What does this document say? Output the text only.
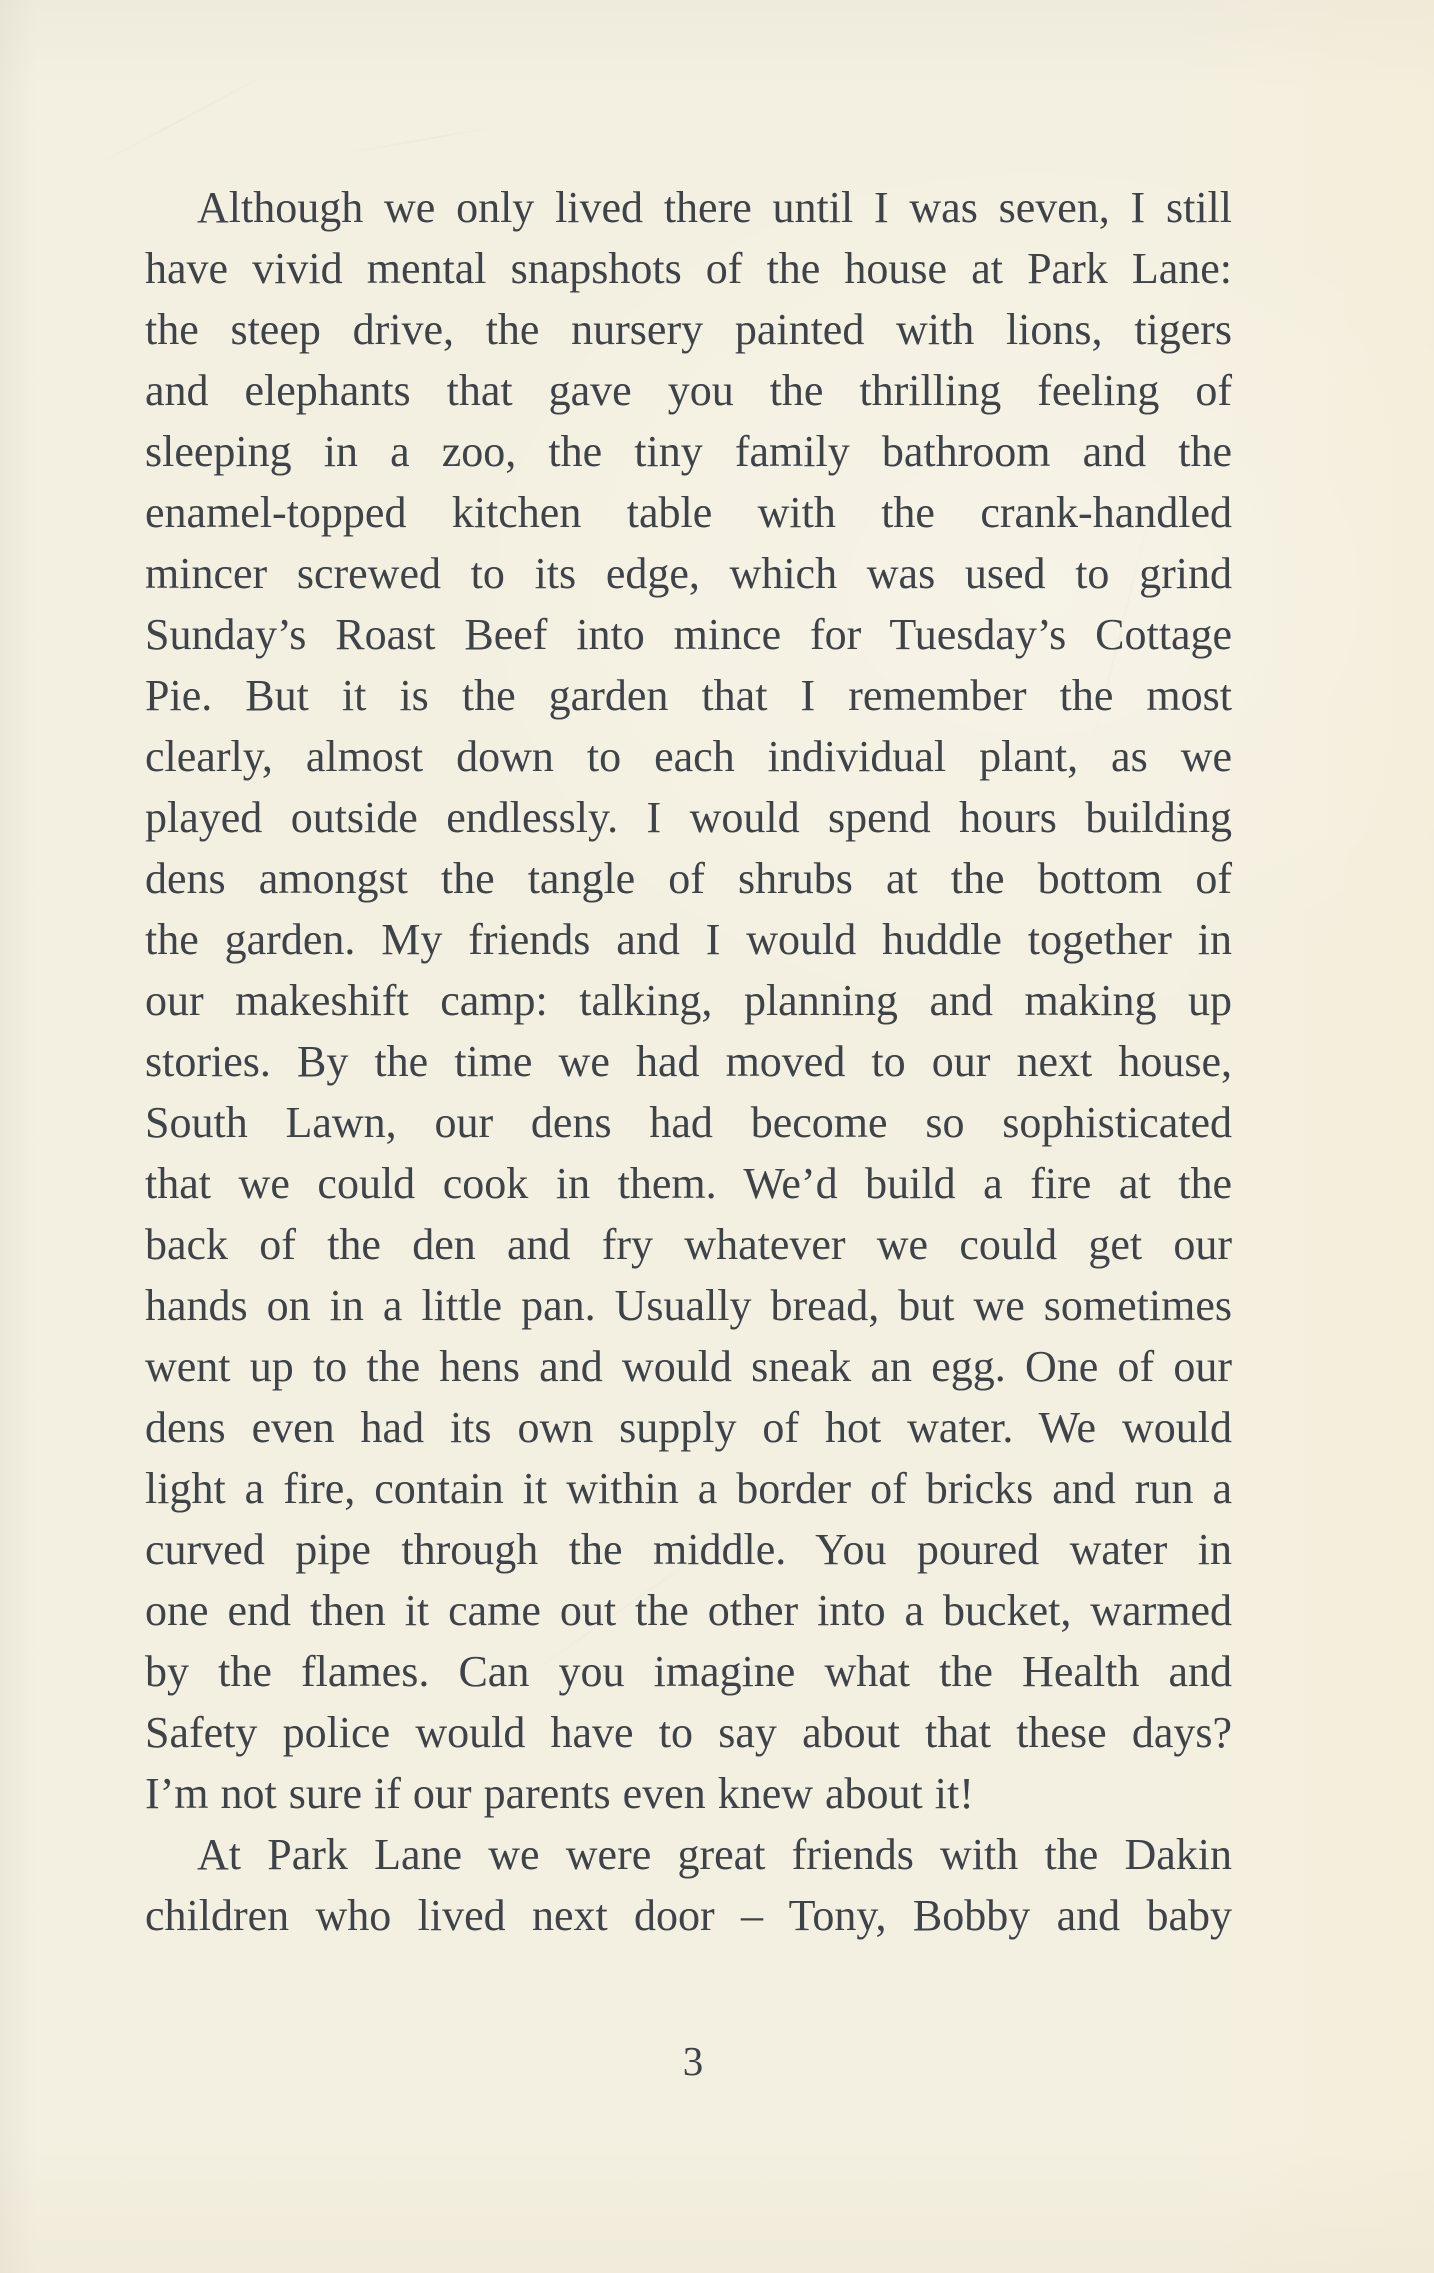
Although we only lived there until I was seven, I still
have vivid mental snapshots of the house at Park Lane:
the steep drive, the nursery painted with lions, tigers
and elephants that gave you the thrilling feeling of
sleeping in a zoo, the tiny family bathroom and the
enamel-topped kitchen table with the crank-handled
mincer screwed to its edge, which was used to grind
Sunday’s Roast Beef into mince for Tuesday’s Cottage
Pie. But it is the garden that I remember the most
clearly, almost down to each individual plant, as we
played outside endlessly. I would spend hours building
dens amongst the tangle of shrubs at the bottom of
the garden. My friends and I would huddle together in
our makeshift camp: talking, planning and making up
stories. By the time we had moved to our next house,
South Lawn, our dens had become so sophisticated
that we could cook in them. We’d build a fire at the
back of the den and fry whatever we could get our
hands on in a little pan. Usually bread, but we sometimes
went up to the hens and would sneak an egg. One of our
dens even had its own supply of hot water. We would
light a fire, contain it within a border of bricks and run a
curved pipe through the middle. You poured water in
one end then it came out the other into a bucket, warmed
by the flames. Can you imagine what the Health and
Safety police would have to say about that these days?
I’m not sure if our parents even knew about it!
At Park Lane we were great friends with the Dakin
children who lived next door – Tony, Bobby and baby
3
